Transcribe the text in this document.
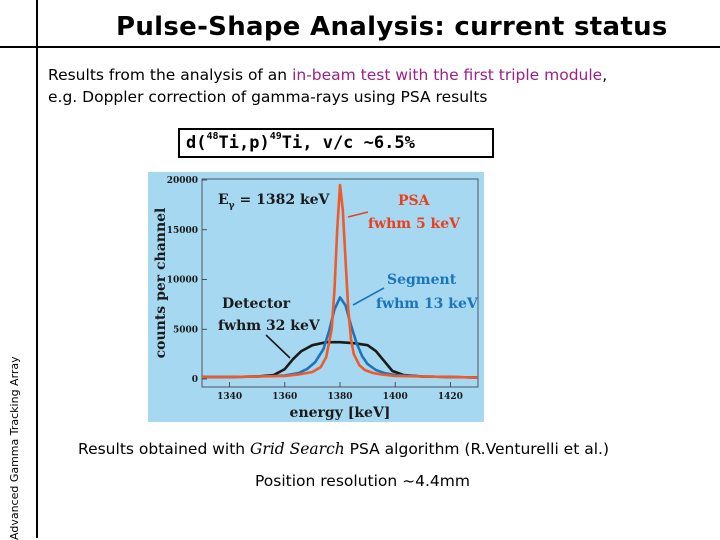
Pulse-Shape Analysis: current status
Advanced Gamma Tracking Array
Results from the analysis of an in-beam test with the first triple module,
e.g. Doppler correction of gamma-rays using PSA results
$d(^{48}Ti,p)^{49}Ti$, v/c ~6.5%
1340	1360	1380	1400	1420
0
5000
10000
15000
20000
$E_\gamma = 1382$ keV	PSA
fwhm 5 keV
Segment
fwhm 13 keV
Detector
fwhm 32 keV
counts per channel
energy [keV]
Results obtained with Grid Search PSA algorithm (R.Venturelli et al.)
Position resolution ~4.4mm
